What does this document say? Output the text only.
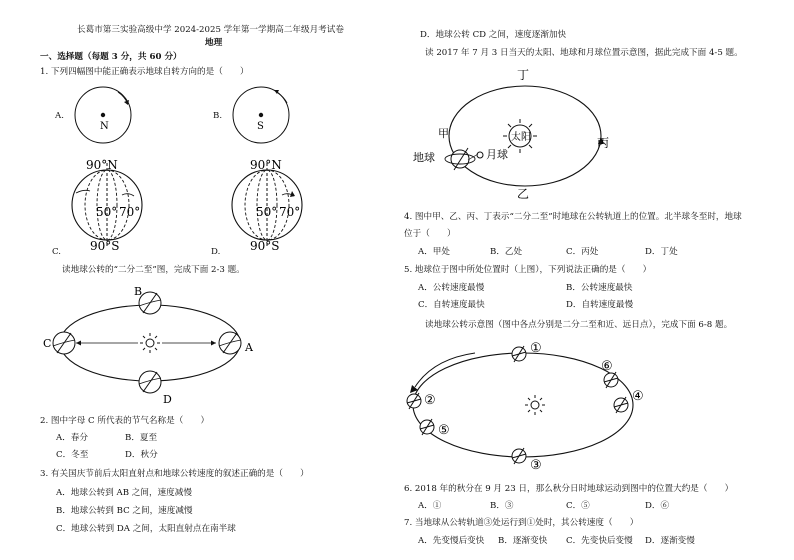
长葛市第三实验高级中学 2024-2025 学年第一学期高二年级月考试卷
地理
一、选择题（每题 3 分，共 60 分）
1. 下列四幅图中能正确表示地球自转方向的是（　　）
A.	B.
C.	D.
N	S
90°N
50° 70°
90°S
90°N
50° 70°
90°S
读地球公转的“二分二至”图，完成下面 2-3 题。
B
C	A
D
2. 图中字母 C 所代表的节气名称是（　　）
A．春分	B．夏至
C．冬至	D．秋分
3. 有关国庆节前后太阳直射点和地球公转速度的叙述正确的是（　　）
A．地球公转到 AB 之间，速度减慢
B．地球公转到 BC 之间，速度减慢
C．地球公转到 DA 之间，太阳直射点在南半球
D．地球公转 CD 之间，速度逐渐加快
读 2017 年 7 月 3 日当天的太阳、地球和月球位置示意图，据此完成下面 4-5 题。
太阳
丁
甲
地球	月球
丙
乙
4. 图中甲、乙、丙、丁表示“二分二至”时地球在公转轨道上的位置。北半球冬至时，地球
位于（　　）
A．甲处	B．乙处	C．丙处	D．丁处
5. 地球位于图中所处位置时（上图），下列说法正确的是（　　）
A．公转速度最慢	B．公转速度最快
C．自转速度最快	D．自转速度最慢
读地球公转示意图（图中各点分别是二分二至和近、远日点），完成下面 6-8 题。
①
⑥
④
②
⑤
③
6. 2018 年的秋分在 9 月 23 日，那么秋分日时地球运动到图中的位置大约是（　　）
A．①	B．③	C．⑤	D．⑥
7. 当地球从公转轨道③处运行到①处时，其公转速度（　　）
A．先变慢后变快 B．逐渐变快 C．先变快后变慢 D．逐渐变慢
